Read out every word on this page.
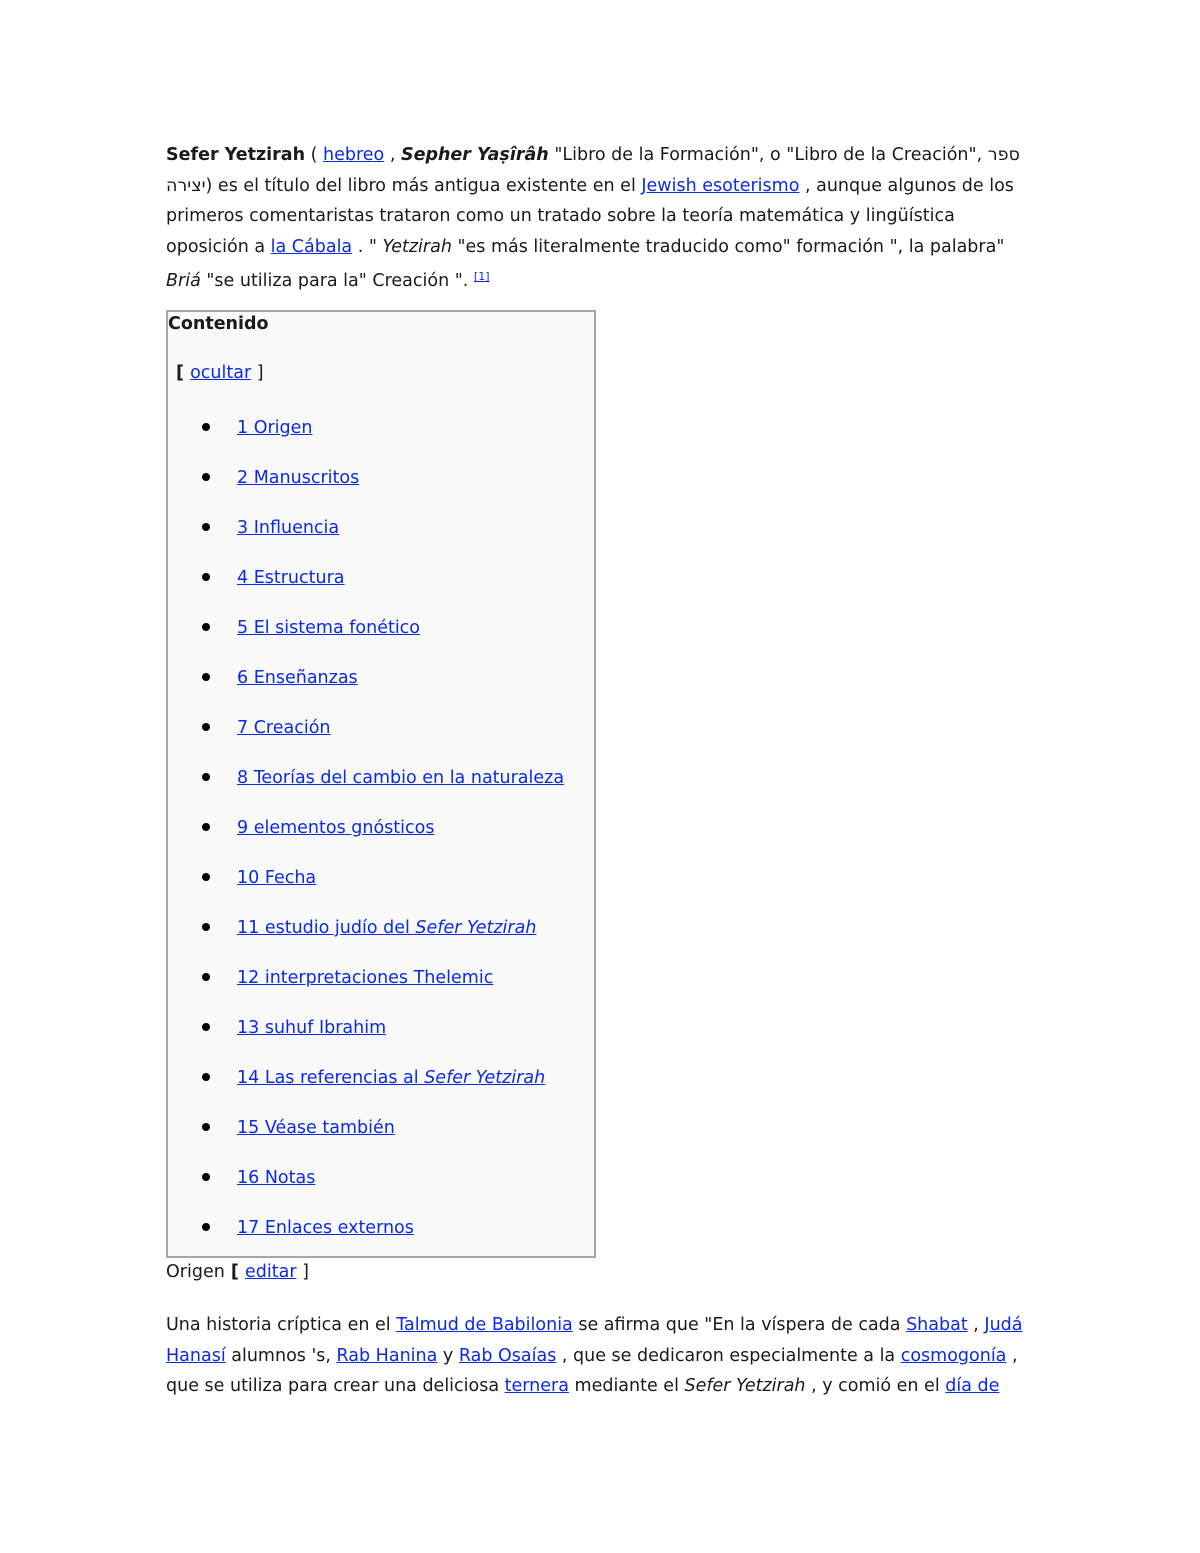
Sefer Yetzirah ( hebreo , Sepher Yaṣîrâh "Libro de la Formación", o "Libro de la Creación", ספר יצירה) es el título del libro más antigua existente en el Jewish esoterismo , aunque algunos de los primeros comentaristas trataron como un tratado sobre la teoría matemática y lingüística oposición a la Cábala . " Yetzirah "es más literalmente traducido como" formación ", la palabra" Briá "se utiliza para la" Creación ". [1]

Contenido
[ ocultar ]
1 Origen
2 Manuscritos
3 Influencia
4 Estructura
5 El sistema fonético
6 Enseñanzas
7 Creación
8 Teorías del cambio en la naturaleza
9 elementos gnósticos
10 Fecha
11 estudio judío del Sefer Yetzirah
12 interpretaciones Thelemic
13 suhuf Ibrahim
14 Las referencias al Sefer Yetzirah
15 Véase también
16 Notas
17 Enlaces externos
Origen [ editar ]

Una historia críptica en el Talmud de Babilonia se afirma que "En la víspera de cada Shabat , Judá Hanasí alumnos 's, Rab Hanina y Rab Osaías , que se dedicaron especialmente a la cosmogonía , que se utiliza para crear una deliciosa ternera mediante el Sefer Yetzirah , y comió en el día de
